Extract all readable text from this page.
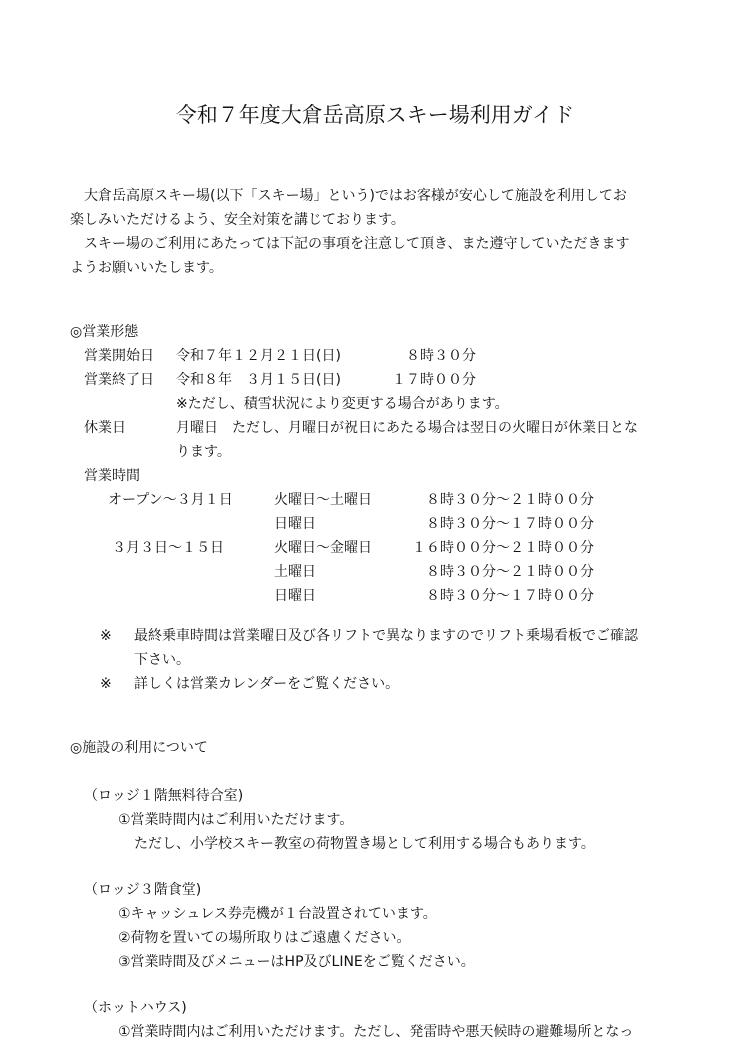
令和７年度大倉岳高原スキー場利用ガイド
　大倉岳高原スキー場(以下「スキー場」という)ではお客様が安心して施設を利用してお
楽しみいただけるよう、安全対策を講じております。
　スキー場のご利用にあたっては下記の事項を注意して頂き、また遵守していただきます
ようお願いいたします。
◎営業形態
営業開始日 令和７年１２月２１日(日)	８時３０分
営業終了日 令和８年　３月１５日(日)	１７時００分
※ただし、積雪状況により変更する場合があります。
休業日	月曜日　ただし、月曜日が祝日にあたる場合は翌日の火曜日が休業日とな
ります。
営業時間
オープン～３月１日	火曜日～土曜日	８時３０分～２１時００分
日曜日	８時３０分～１７時００分
３月３日～１５日	火曜日～金曜日	１６時００分～２１時００分
土曜日	８時３０分～２１時００分
日曜日	８時３０分～１７時００分
※ 最終乗車時間は営業曜日及び各リフトで異なりますのでリフト乗場看板でご確認
下さい。
※ 詳しくは営業カレンダーをご覧ください。
◎施設の利用について
（ロッジ１階無料待合室)
①営業時間内はご利用いただけます。
ただし、小学校スキー教室の荷物置き場として利用する場合もあります。
（ロッジ３階食堂)
①キャッシュレス券売機が１台設置されています。
②荷物を置いての場所取りはご遠慮ください。
③営業時間及びメニューはHP及びLINEをご覧ください。
（ホットハウス)
①営業時間内はご利用いただけます。ただし、発雷時や悪天候時の避難場所となっ
